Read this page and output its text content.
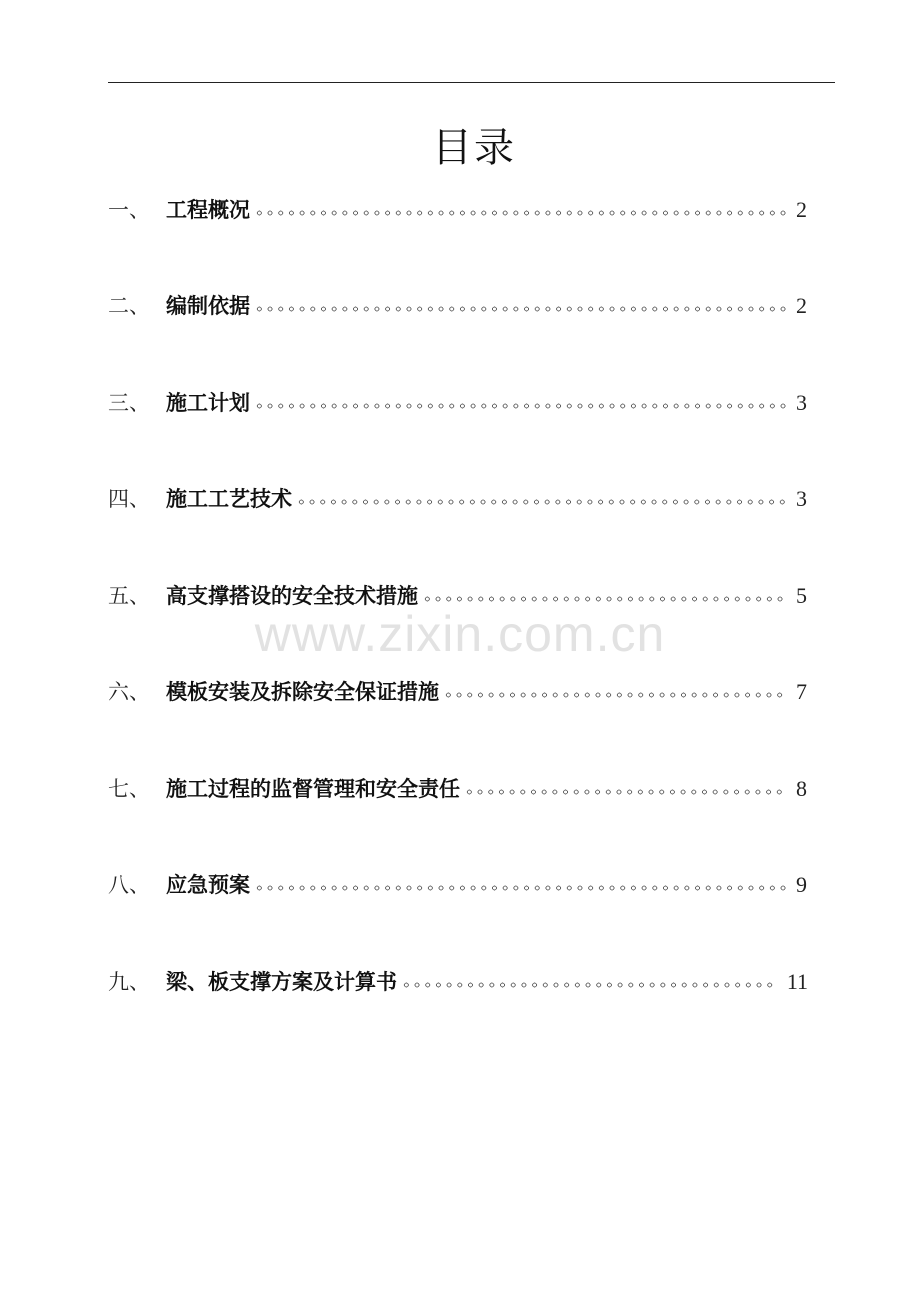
目录
一、 工程概况	2
二、 编制依据	2
三、 施工计划	3
四、 施工工艺技术	3
五、 高支撑搭设的安全技术措施	5
六、 模板安装及拆除安全保证措施	7
七、 施工过程的监督管理和安全责任	8
八、 应急预案	9
九、 梁、板支撑方案及计算书	11
www.zixin.com.cn
